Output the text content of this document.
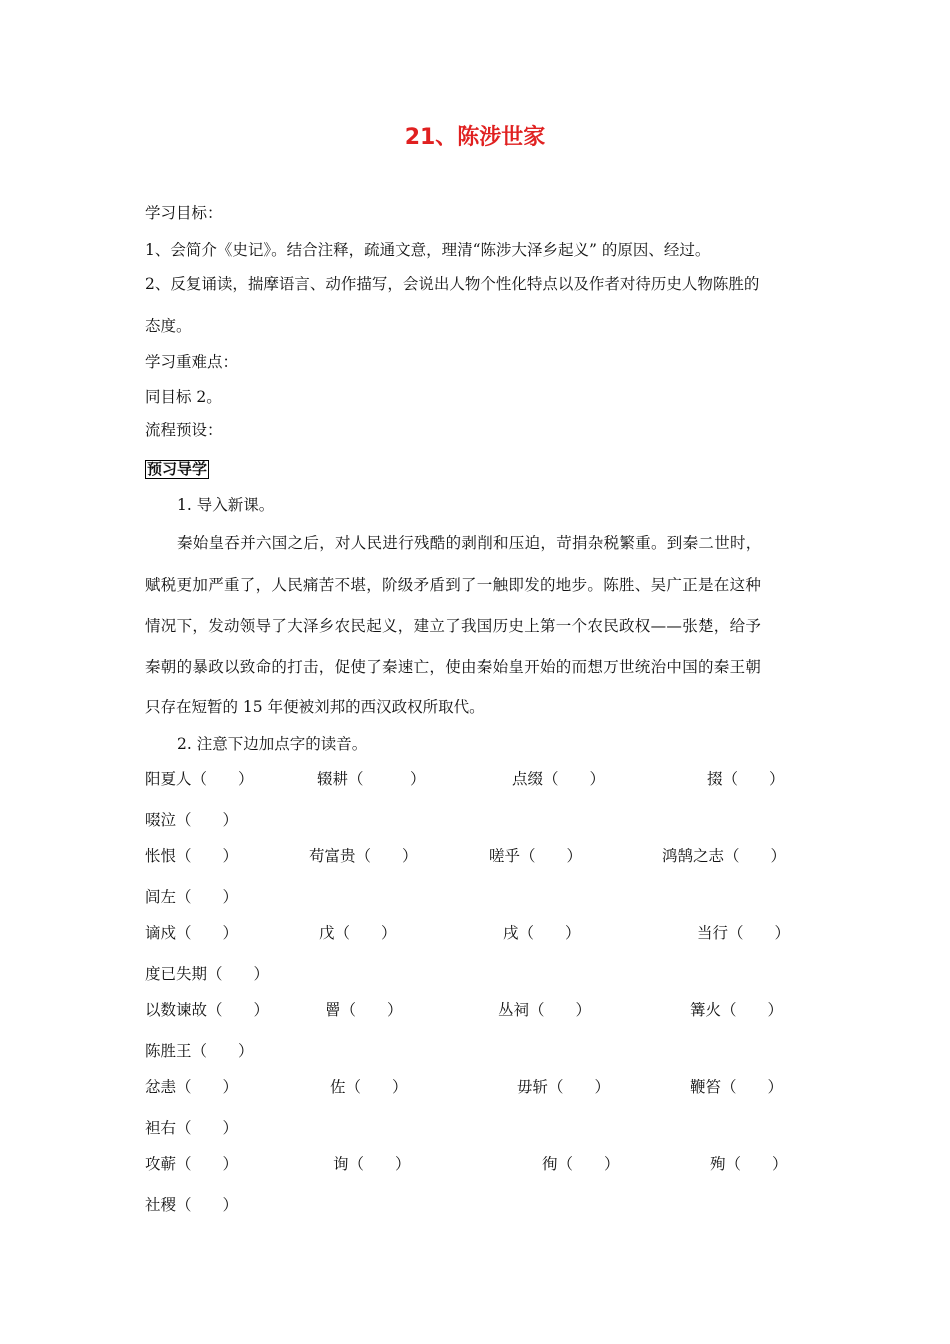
21、陈涉世家
学习目标：
1、会简介《史记》。结合注释，疏通文意，理清“陈涉大泽乡起义” 的原因、经过。
2、反复诵读，揣摩语言、动作描写，会说出人物个性化特点以及作者对待历史人物陈胜的
态度。
学习重难点：
同目标 2。
流程预设：
预习导学
1. 导入新课。
秦始皇吞并六国之后，对人民进行残酷的剥削和压迫，苛捐杂税繁重。到秦二世时，
赋税更加严重了，人民痛苦不堪，阶级矛盾到了一触即发的地步。陈胜、吴广正是在这种
情况下，发动领导了大泽乡农民起义，建立了我国历史上第一个农民政权——张楚，给予
秦朝的暴政以致命的打击，促使了秦速亡，使由秦始皇开始的而想万世统治中国的秦王朝
只存在短暂的 15 年便被刘邦的西汉政权所取代。
2. 注意下边加点字的读音。
阳夏人（　　）	辍耕（　　　）	点缀（　　）	掇（　　）
啜泣（　　）
怅恨（　　）	苟富贵（　　）	嗟乎（　　）	鸿鹄之志（　　）
闾左（　　）
谪戍（　　）	戊（　　）	戌（　　）	当行（　　）
度已失期（　　）
以数谏故（　　）	罾（　　）	丛祠（　　）	篝火（　　）
陈胜王（　　）
忿恚（　　）	佐（　　）	毋斩（　　）	鞭笞（　　）
袒右（　　）
攻蕲（　　）	询（　　）	徇（　　）	殉（　　）
社稷（　　）
